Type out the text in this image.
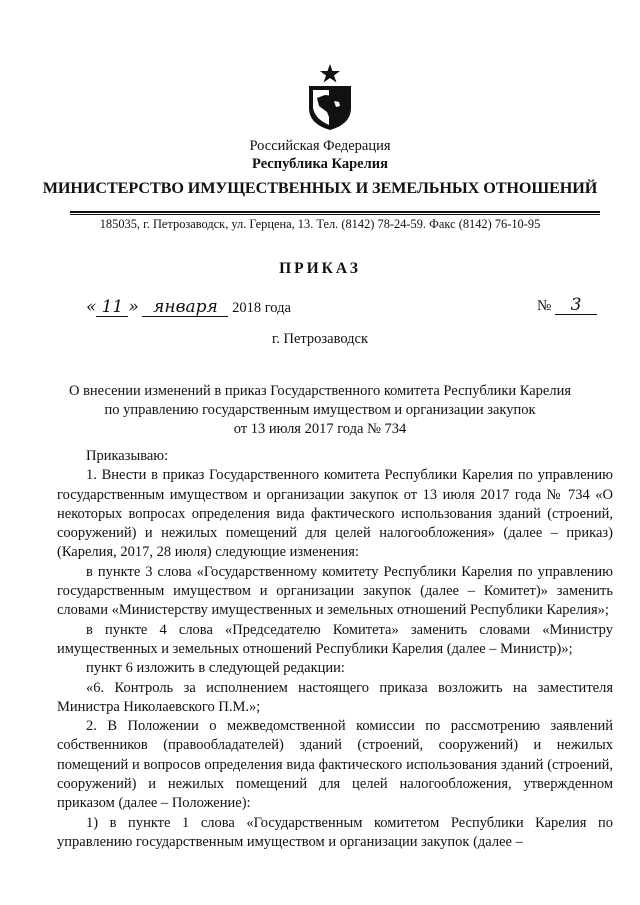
Российская Федерация
Республика Карелия
МИНИСТЕРСТВО ИМУЩЕСТВЕННЫХ И ЗЕМЕЛЬНЫХ ОТНОШЕНИЙ
185035, г. Петрозаводск, ул. Герцена, 13. Тел. (8142) 78-24-59. Факс (8142) 76-10-95
ПРИКАЗ
« 11 » января 2018 года	№ 3
г. Петрозаводск
О внесении изменений в приказ Государственного комитета Республики Карелия
по управлению государственным имуществом и организации закупок
от 13 июля 2017 года № 734

Приказываю:

1. Внести в приказ Государственного комитета Республики Карелия по управлению государственным имуществом и организации закупок от 13 июля 2017 года № 734 «О некоторых вопросах определения вида фактического использования зданий (строений, сооружений) и нежилых помещений для целей налогообложения» (далее – приказ) (Карелия, 2017, 28 июля) следующие изменения:

в пункте 3 слова «Государственному комитету Республики Карелия по управлению государственным имуществом и организации закупок (далее – Комитет)» заменить словами «Министерству имущественных и земельных отношений Республики Карелия»;

в пункте 4 слова «Председателю Комитета» заменить словами «Министру имущественных и земельных отношений Республики Карелия (далее – Министр)»;

пункт 6 изложить в следующей редакции:

«6. Контроль за исполнением настоящего приказа возложить на заместителя Министра Николаевского П.М.»;

2. В Положении о межведомственной комиссии по рассмотрению заявлений собственников (правообладателей) зданий (строений, сооружений) и нежилых помещений и вопросов определения вида фактического использования зданий (строений, сооружений) и нежилых помещений для целей налогообложения, утвержденном приказом (далее – Положение):

1) в пункте 1 слова «Государственным комитетом Республики Карелия по управлению государственным имуществом и организации закупок (далее –
